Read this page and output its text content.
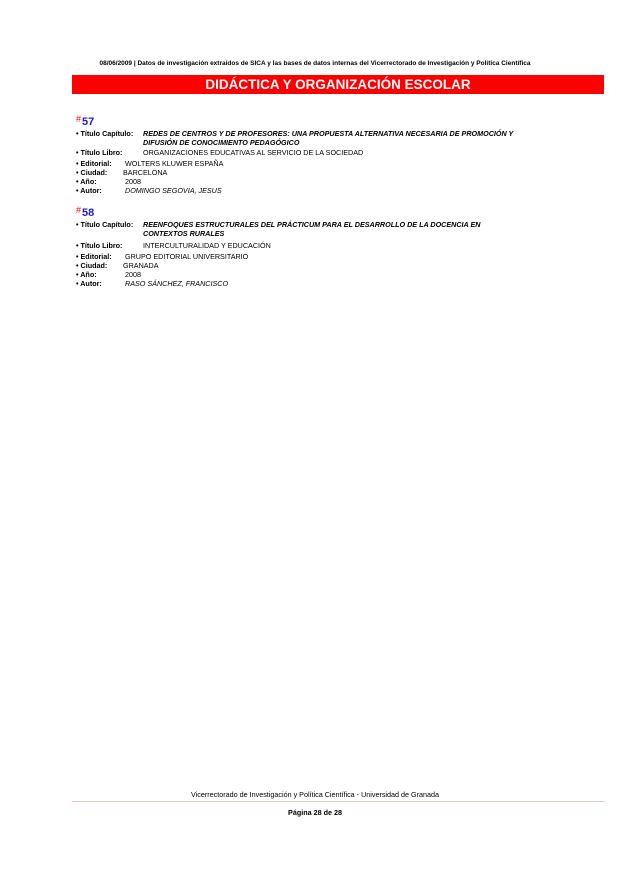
08/06/2009 | Datos de investigación extraídos de SICA y las bases de datos internas del Vicerrectorado de Investigación y Política Científica
DIDÁCTICA Y ORGANIZACIÓN ESCOLAR
# 57
• Título Capítulo: REDES DE CENTROS Y DE PROFESORES: UNA PROPUESTA ALTERNATIVA NECESARIA DE PROMOCIÓN Y DIFUSIÓN DE CONOCIMIENTO PEDAGÓGICO
• Título Libro:	ORGANIZACIONES EDUCATIVAS AL SERVICIO DE LA SOCIEDAD
• Editorial: WOLTERS KLUWER ESPAÑA
• Ciudad: BARCELONA
• Año:	2008
• Autor:	DOMINGO SEGOVIA, JESUS
# 58
• Título Capítulo: REENFOQUES ESTRUCTURALES DEL PRÁCTICUM PARA EL DESARROLLO DE LA DOCENCIA EN CONTEXTOS RURALES
• Título Libro:	INTERCULTURALIDAD Y EDUCACIÓN
• Editorial: GRUPO EDITORIAL UNIVERSITARIO
• Ciudad: GRANADA
• Año:	2008
• Autor:	RASO SÁNCHEZ, FRANCISCO
Vicerrectorado de Investigación y Política Científica - Universidad de Granada
Página 28 de 28
